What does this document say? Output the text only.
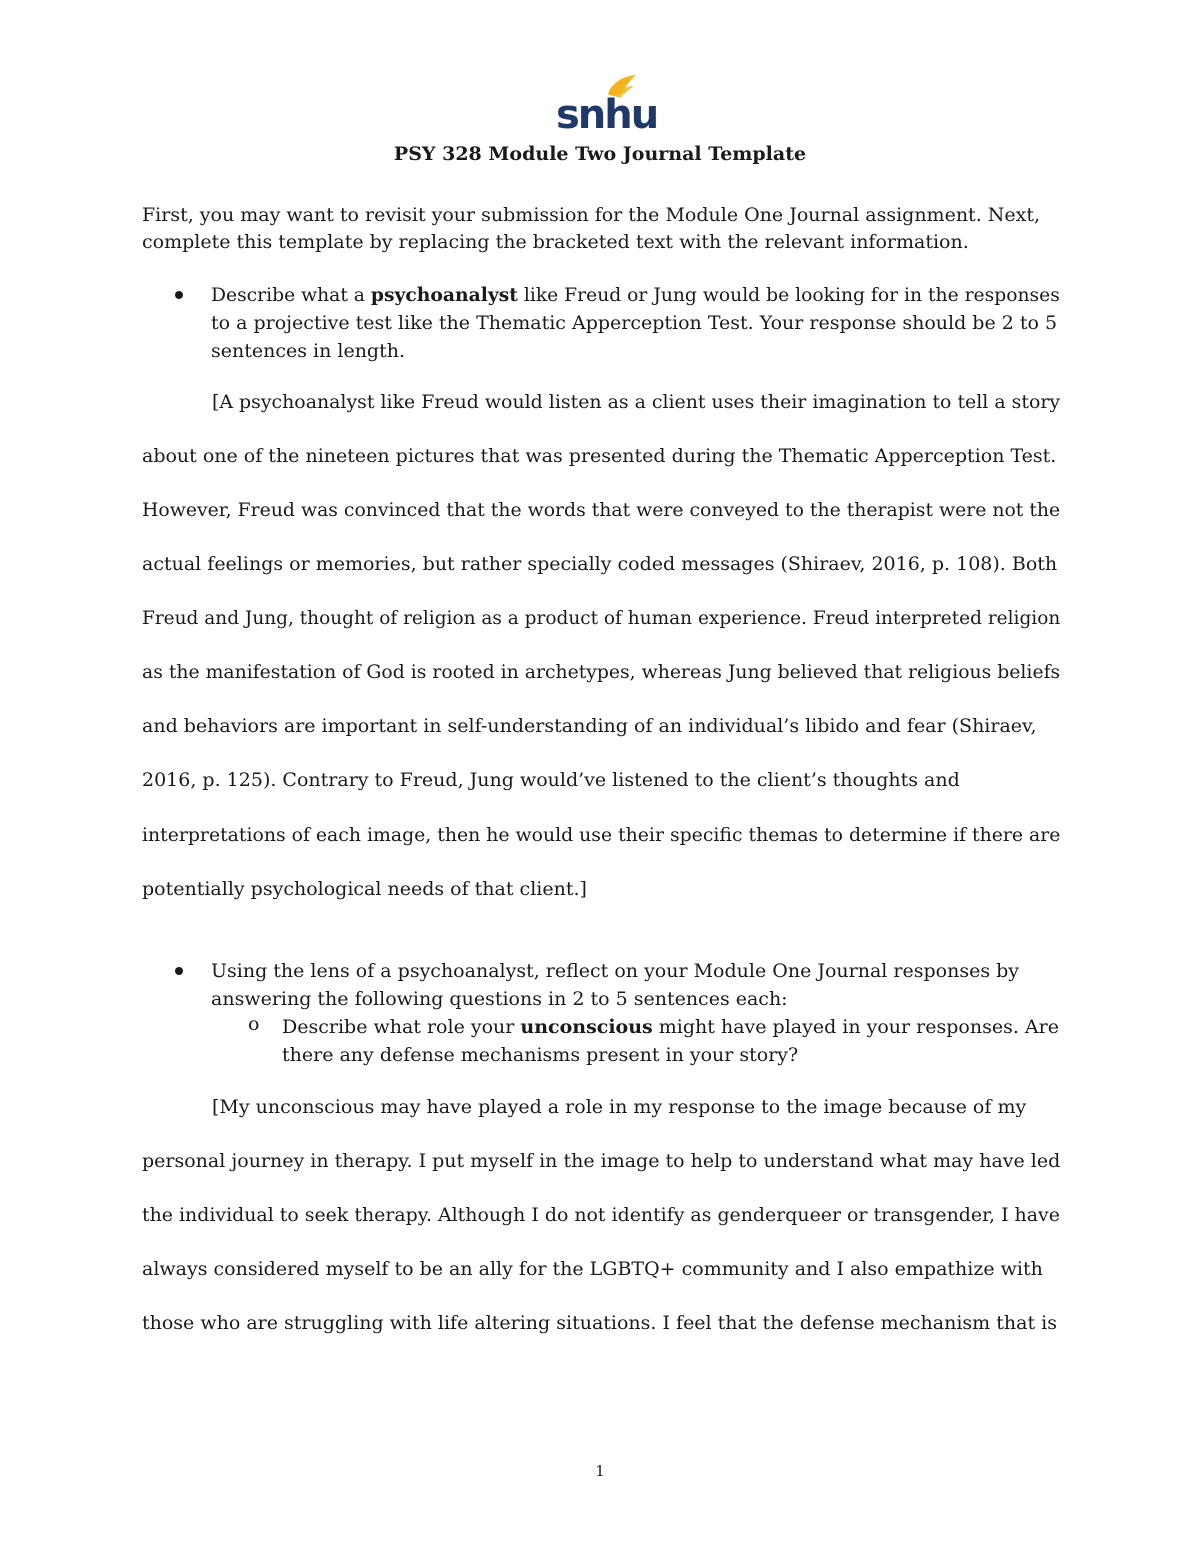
snhu
PSY 328 Module Two Journal Template
First, you may want to revisit your submission for the Module One Journal assignment. Next,
complete this template by replacing the bracketed text with the relevant information.
Describe what a psychoanalyst like Freud or Jung would be looking for in the responses
to a projective test like the Thematic Apperception Test. Your response should be 2 to 5
sentences in length.
[A psychoanalyst like Freud would listen as a client uses their imagination to tell a story
about one of the nineteen pictures that was presented during the Thematic Apperception Test.
However, Freud was convinced that the words that were conveyed to the therapist were not the
actual feelings or memories, but rather specially coded messages (Shiraev, 2016, p. 108). Both
Freud and Jung, thought of religion as a product of human experience. Freud interpreted religion
as the manifestation of God is rooted in archetypes, whereas Jung believed that religious beliefs
and behaviors are important in self-understanding of an individual’s libido and fear (Shiraev,
2016, p. 125). Contrary to Freud, Jung would’ve listened to the client’s thoughts and
interpretations of each image, then he would use their specific themas to determine if there are
potentially psychological needs of that client.]
Using the lens of a psychoanalyst, reflect on your Module One Journal responses by
answering the following questions in 2 to 5 sentences each:
o Describe what role your unconscious might have played in your responses. Are
there any defense mechanisms present in your story?
[My unconscious may have played a role in my response to the image because of my
personal journey in therapy. I put myself in the image to help to understand what may have led
the individual to seek therapy. Although I do not identify as genderqueer or transgender, I have
always considered myself to be an ally for the LGBTQ+ community and I also empathize with
those who are struggling with life altering situations. I feel that the defense mechanism that is
1
